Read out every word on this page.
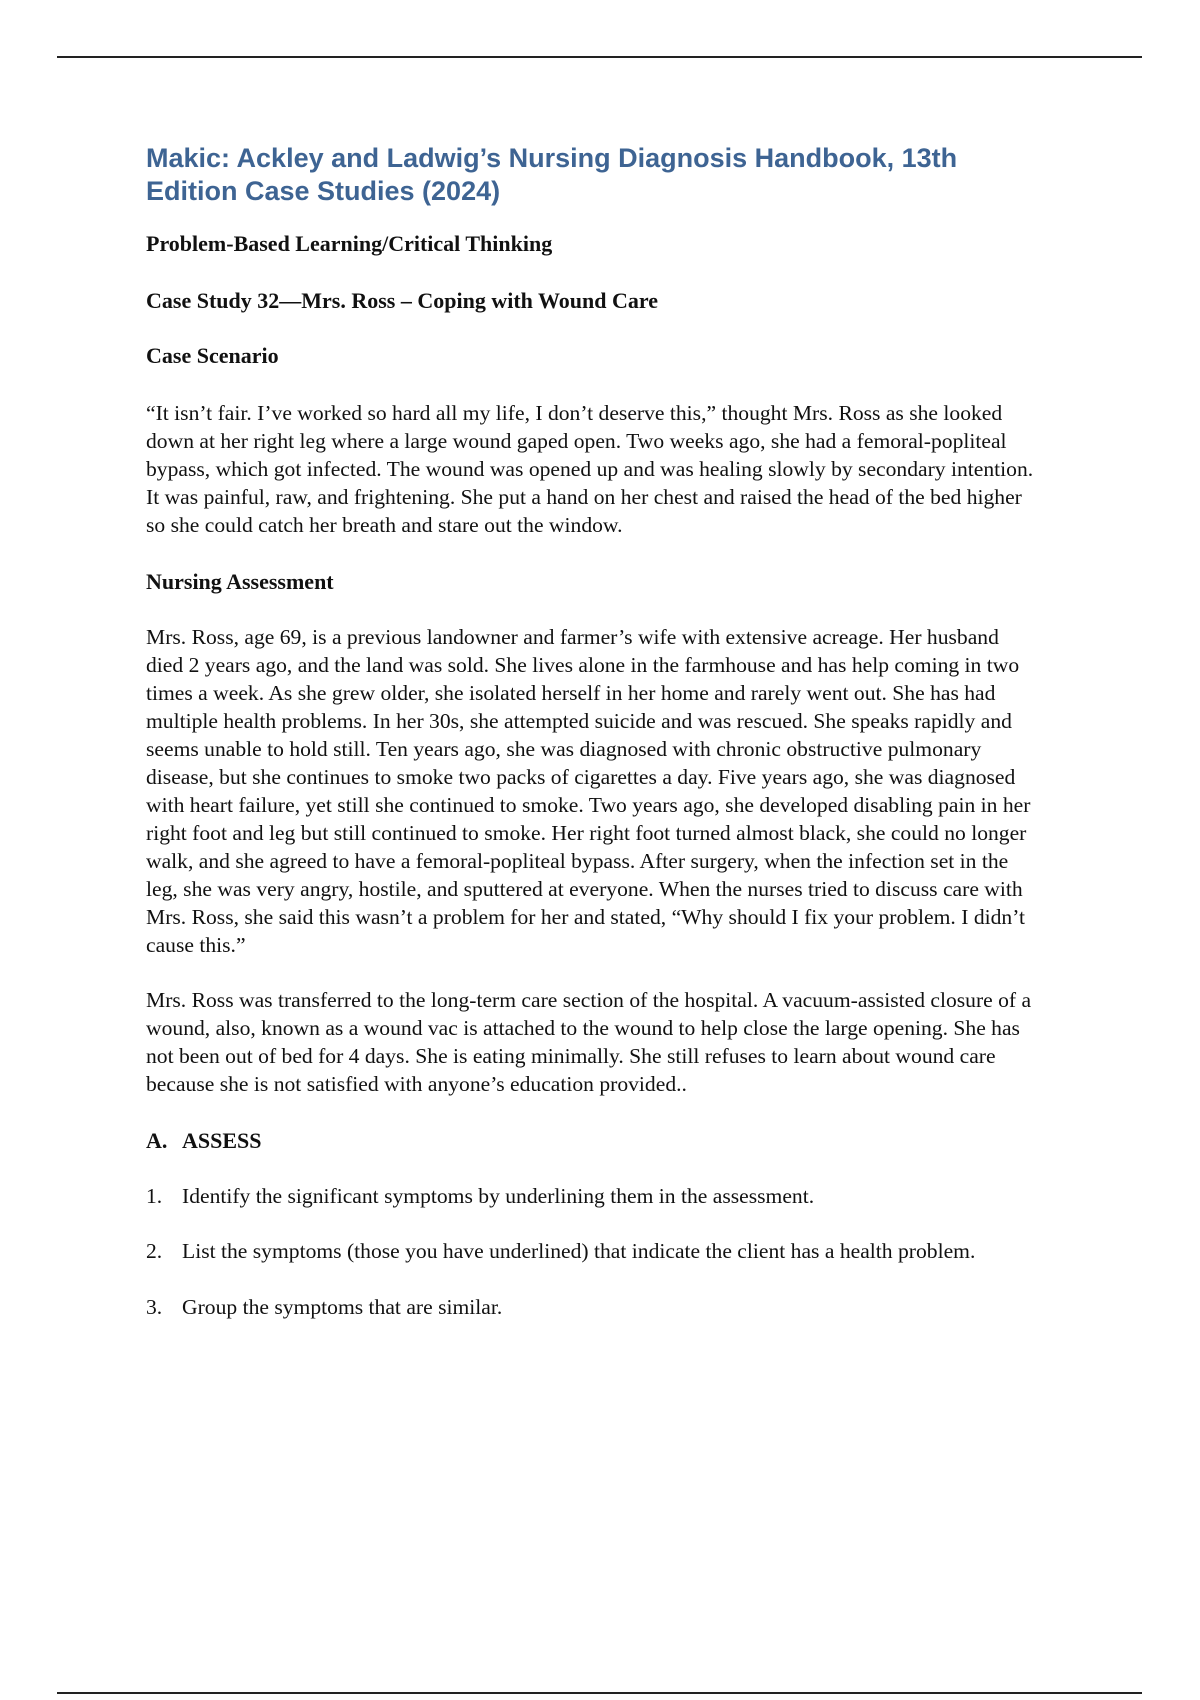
Makic: Ackley and Ladwig’s Nursing Diagnosis Handbook, 13th Edition Case Studies (2024)

Problem-Based Learning/Critical Thinking

Case Study 32—Mrs. Ross – Coping with Wound Care

Case Scenario

“It isn’t fair. I’ve worked so hard all my life, I don’t deserve this,” thought Mrs. Ross as she looked down at her right leg where a large wound gaped open. Two weeks ago, she had a femoral-popliteal bypass, which got infected. The wound was opened up and was healing slowly by secondary intention. It was painful, raw, and frightening. She put a hand on her chest and raised the head of the bed higher so she could catch her breath and stare out the window.

Nursing Assessment

Mrs. Ross, age 69, is a previous landowner and farmer’s wife with extensive acreage. Her husband died 2 years ago, and the land was sold. She lives alone in the farmhouse and has help coming in two times a week. As she grew older, she isolated herself in her home and rarely went out. She has had multiple health problems. In her 30s, she attempted suicide and was rescued. She speaks rapidly and seems unable to hold still. Ten years ago, she was diagnosed with chronic obstructive pulmonary disease, but she continues to smoke two packs of cigarettes a day. Five years ago, she was diagnosed with heart failure, yet still she continued to smoke. Two years ago, she developed disabling pain in her right foot and leg but still continued to smoke. Her right foot turned almost black, she could no longer walk, and she agreed to have a femoral-popliteal bypass. After surgery, when the infection set in the leg, she was very angry, hostile, and sputtered at everyone. When the nurses tried to discuss care with Mrs. Ross, she said this wasn’t a problem for her and stated, “Why should I fix your problem. I didn’t cause this.”

Mrs. Ross was transferred to the long-term care section of the hospital. A vacuum-assisted closure of a wound, also, known as a wound vac is attached to the wound to help close the large opening. She has not been out of bed for 4 days. She is eating minimally. She still refuses to learn about wound care because she is not satisfied with anyone’s education provided..

A. ASSESS
1. Identify the significant symptoms by underlining them in the assessment.
2. List the symptoms (those you have underlined) that indicate the client has a health problem.
3. Group the symptoms that are similar.
